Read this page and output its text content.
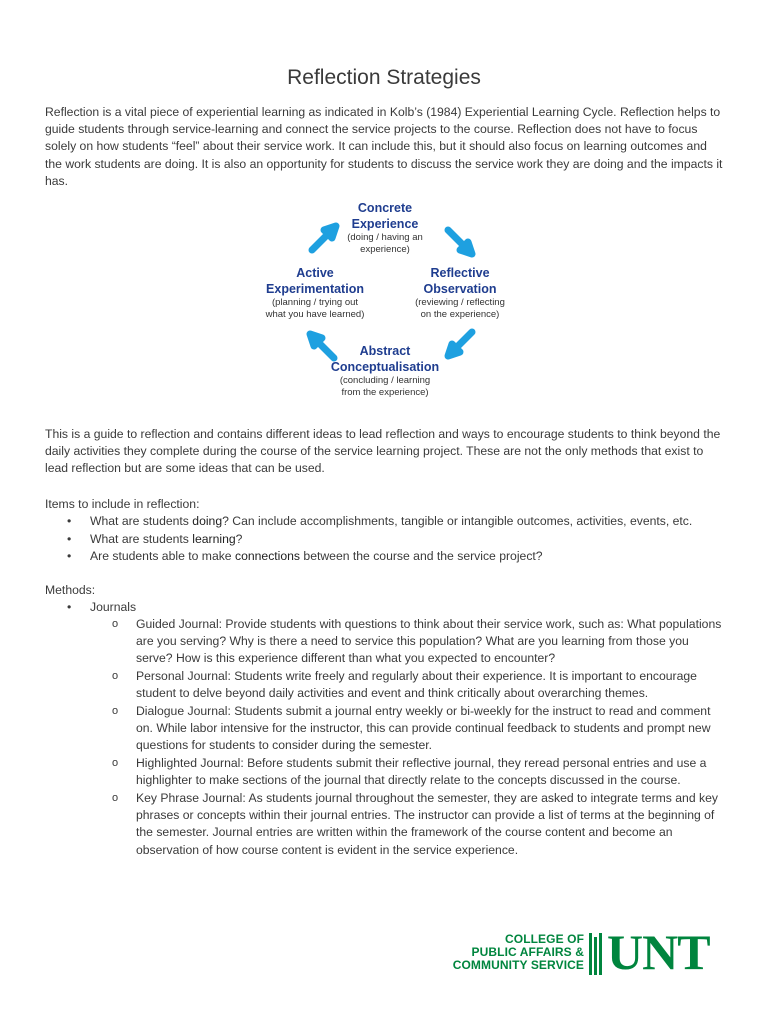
Reflection Strategies

Reflection is a vital piece of experiential learning as indicated in Kolb’s (1984) Experiential Learning Cycle. Reflection helps to guide students through service-learning and connect the service projects to the course. Reflection does not have to focus solely on how students “feel” about their service work. It can include this, but it should also focus on learning outcomes and the work students are doing. It is also an opportunity for students to discuss the service work they are doing and the impacts it has.

Concrete
Experience
(doing / having an
experience)
Reflective
Observation
(reviewing / reflecting
on the experience)
Active
Experimentation
(planning / trying out
what you have learned)
Abstract
Conceptualisation
(concluding / learning
from the experience)

This is a guide to reflection and contains different ideas to lead reflection and ways to encourage students to think beyond the daily activities they complete during the course of the service learning project. These are not the only methods that exist to lead reflection but are some ideas that can be used.

Items to include in reflection:
• What are students doing? Can include accomplishments, tangible or intangible outcomes, activities, events, etc.
• What are students learning?
• Are students able to make connections between the course and the service project?
Methods:
• Journals
o Guided Journal: Provide students with questions to think about their service work, such as: What populations are you serving? Why is there a need to service this population? What are you learning from those you serve? How is this experience different than what you expected to encounter?
o Personal Journal: Students write freely and regularly about their experience. It is important to encourage student to delve beyond daily activities and event and think critically about overarching themes.
o Dialogue Journal: Students submit a journal entry weekly or bi-weekly for the instruct to read and comment on. While labor intensive for the instructor, this can provide continual feedback to students and prompt new questions for students to consider during the semester.
o Highlighted Journal: Before students submit their reflective journal, they reread personal entries and use a highlighter to make sections of the journal that directly relate to the concepts discussed in the course.
o Key Phrase Journal: As students journal throughout the semester, they are asked to integrate terms and key phrases or concepts within their journal entries. The instructor can provide a list of terms at the beginning of the semester. Journal entries are written within the framework of the course content and become an observation of how course content is evident in the service experience.
COLLEGE OF
PUBLIC AFFAIRS &
COMMUNITY SERVICE UNT
